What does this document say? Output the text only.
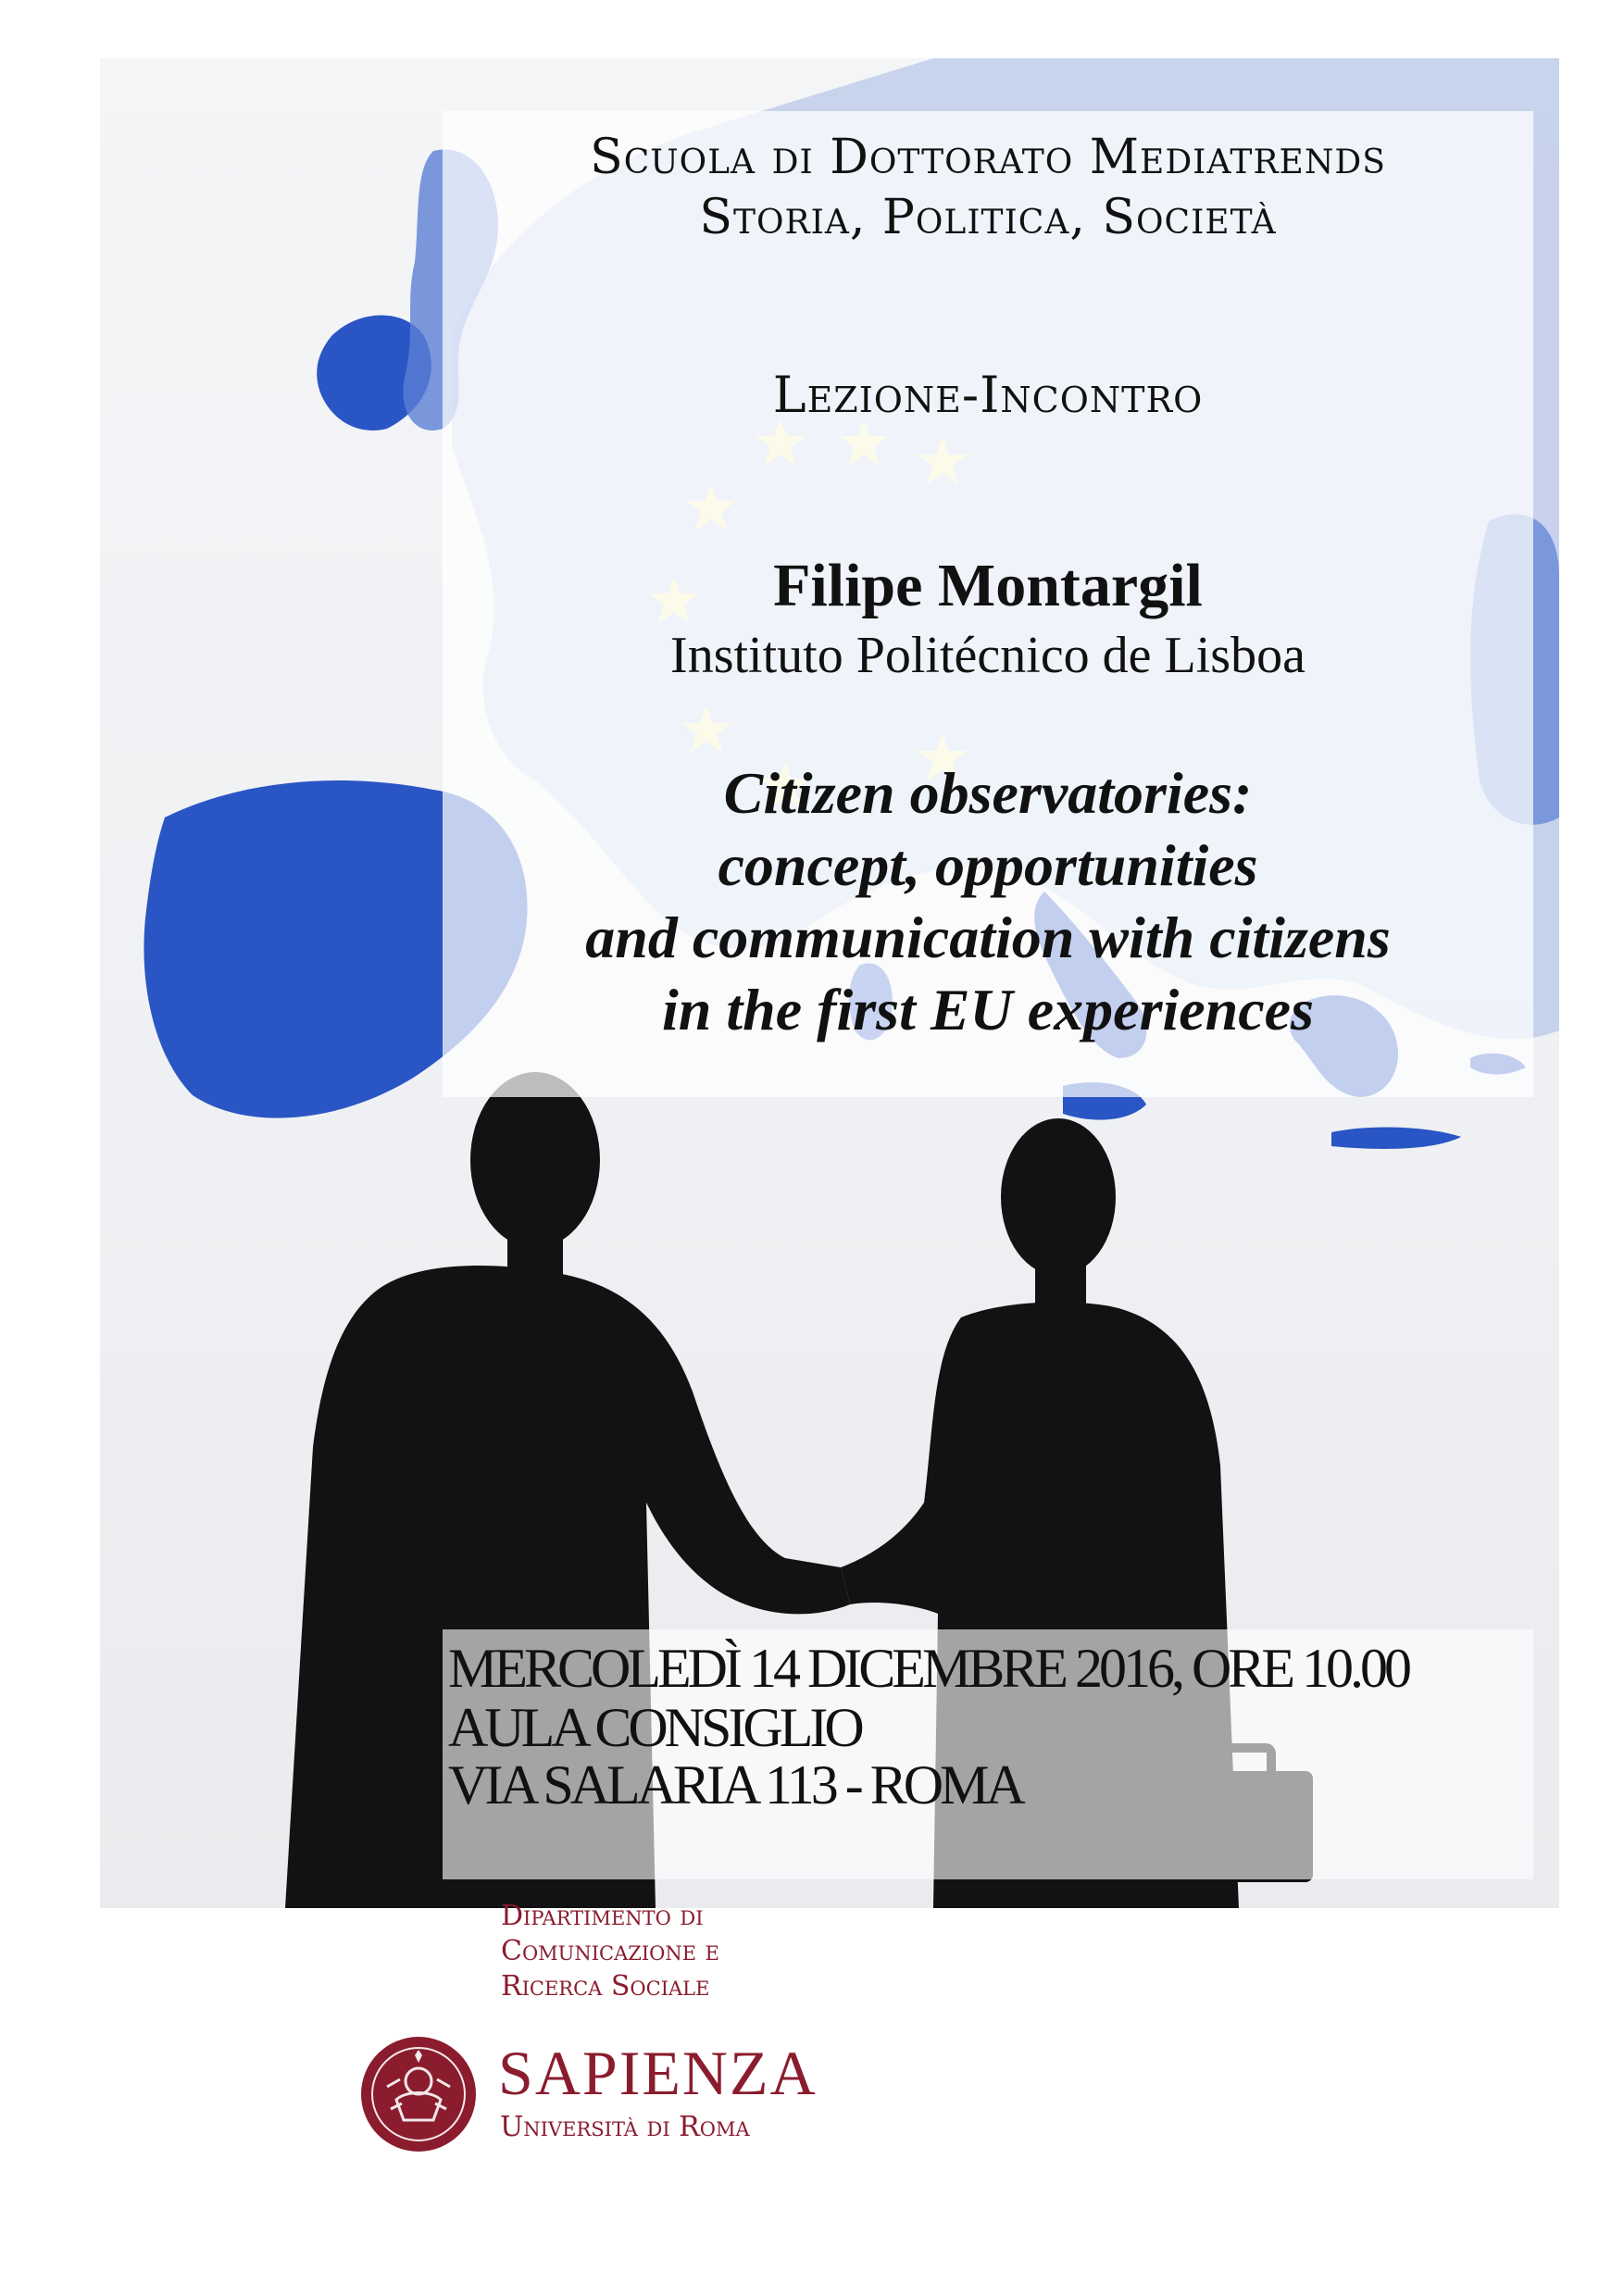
Scuola di Dottorato Mediatrends
Storia, Politica, Società
Lezione-Incontro
Filipe Montargil
Instituto Politécnico de Lisboa
Citizen observatories:
concept, opportunities
and communication with citizens
in the first EU experiences
MERCOLEDÌ 14 DICEMBRE 2016, ORE 10.00
AULA CONSIGLIO
VIA SALARIA 113 - ROMA
Dipartimento di
Comunicazione e
Ricerca Sociale
SAPIENZA
Università di Roma
